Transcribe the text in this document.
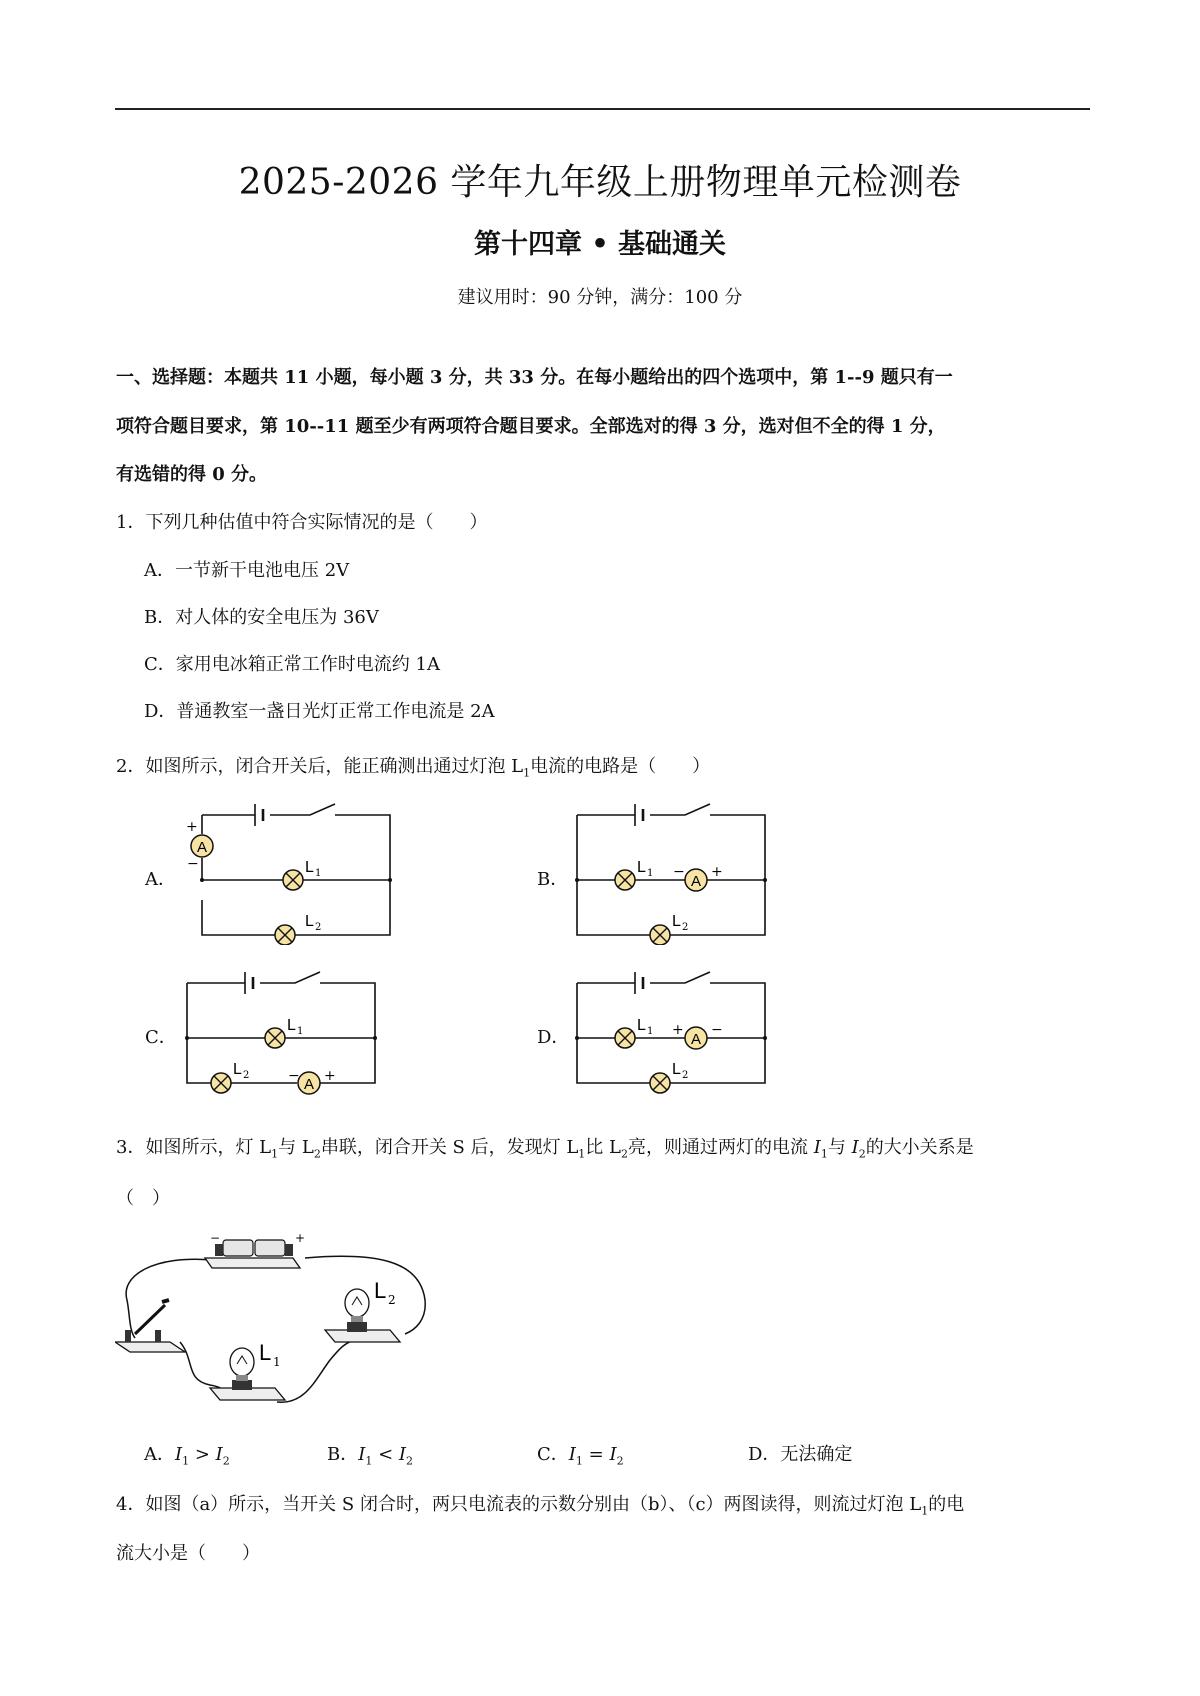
2025-2026 学年九年级上册物理单元检测卷
第十四章 • 基础通关
建议用时：90 分钟，满分：100 分
一、选择题：本题共 11 小题，每小题 3 分，共 33 分。在每小题给出的四个选项中，第 1--9 题只有一
项符合题目要求，第 10--11 题至少有两项符合题目要求。全部选对的得 3 分，选对但不全的得 1 分，
有选错的得 0 分。
1．下列几种估值中符合实际情况的是（　　）
A．一节新干电池电压 2V
B．对人体的安全电压为 36V
C．家用电冰箱正常工作时电流约 1A
D．普通教室一盏日光灯正常工作电流是 2A
2．如图所示，闭合开关后，能正确测出通过灯泡 $L_1$电流的电路是（　　）
A．	B．
C．	D．
A
+
−	L 1
L 2
A
− +
L 1
L 2
A
− +
L 1
L 2
A
+ −
L 1
L 2
3．如图所示，灯 $L_1$与 $L_2$串联，闭合开关 S 后，发现灯 $L_1$比 $L_2$亮，则通过两灯的电流 $I_1$与 $I_2$的大小关系是
（　）
−	+
L 1
L 2
A．$I_1 > I_2$	B．$I_1 < I_2$	C．$I_1 = I_2$	D．无法确定
4．如图（a）所示，当开关 S 闭合时，两只电流表的示数分别由（b）、（c）两图读得，则流过灯泡 $L_1$的电
流大小是（　　）
